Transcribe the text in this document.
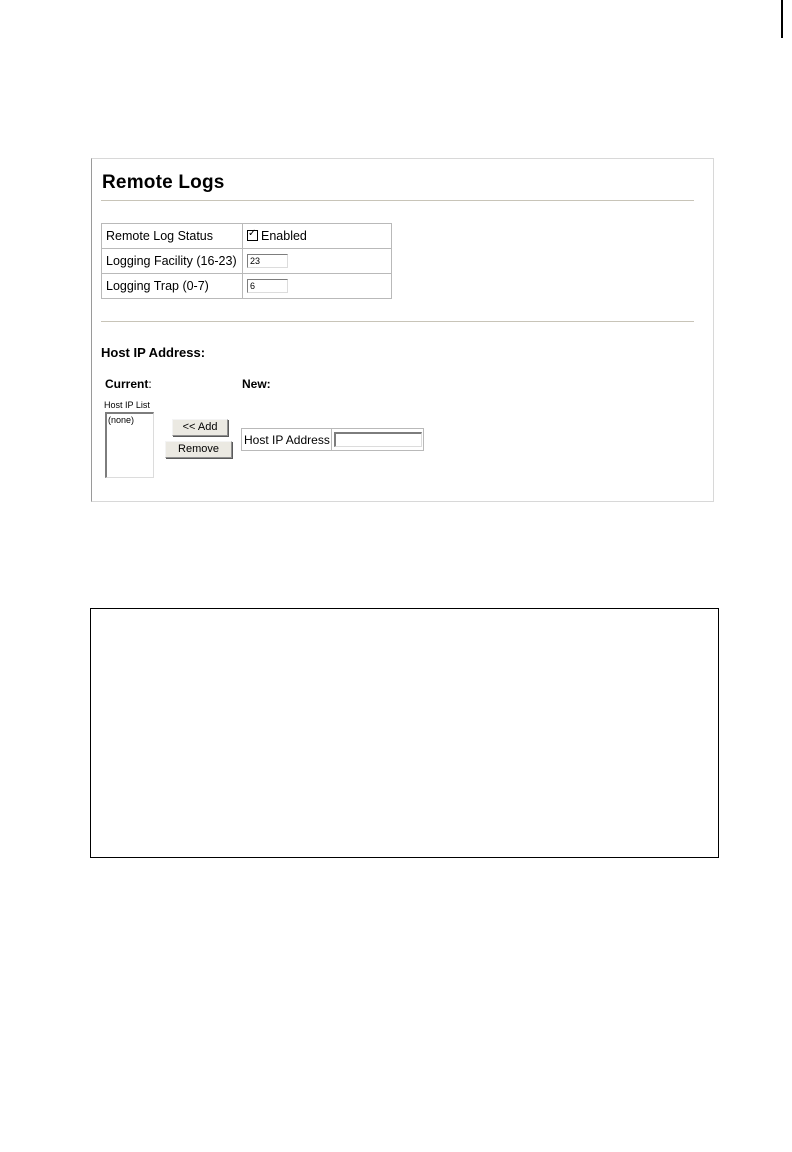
Remote Logs
Remote Log Status	✓ Enabled
Logging Facility (16-23)	23
Logging Trap (0-7)	6
Host IP Address:
Current:	New:
Host IP List
(none)
<< Add
Remove
Host IP Address	
